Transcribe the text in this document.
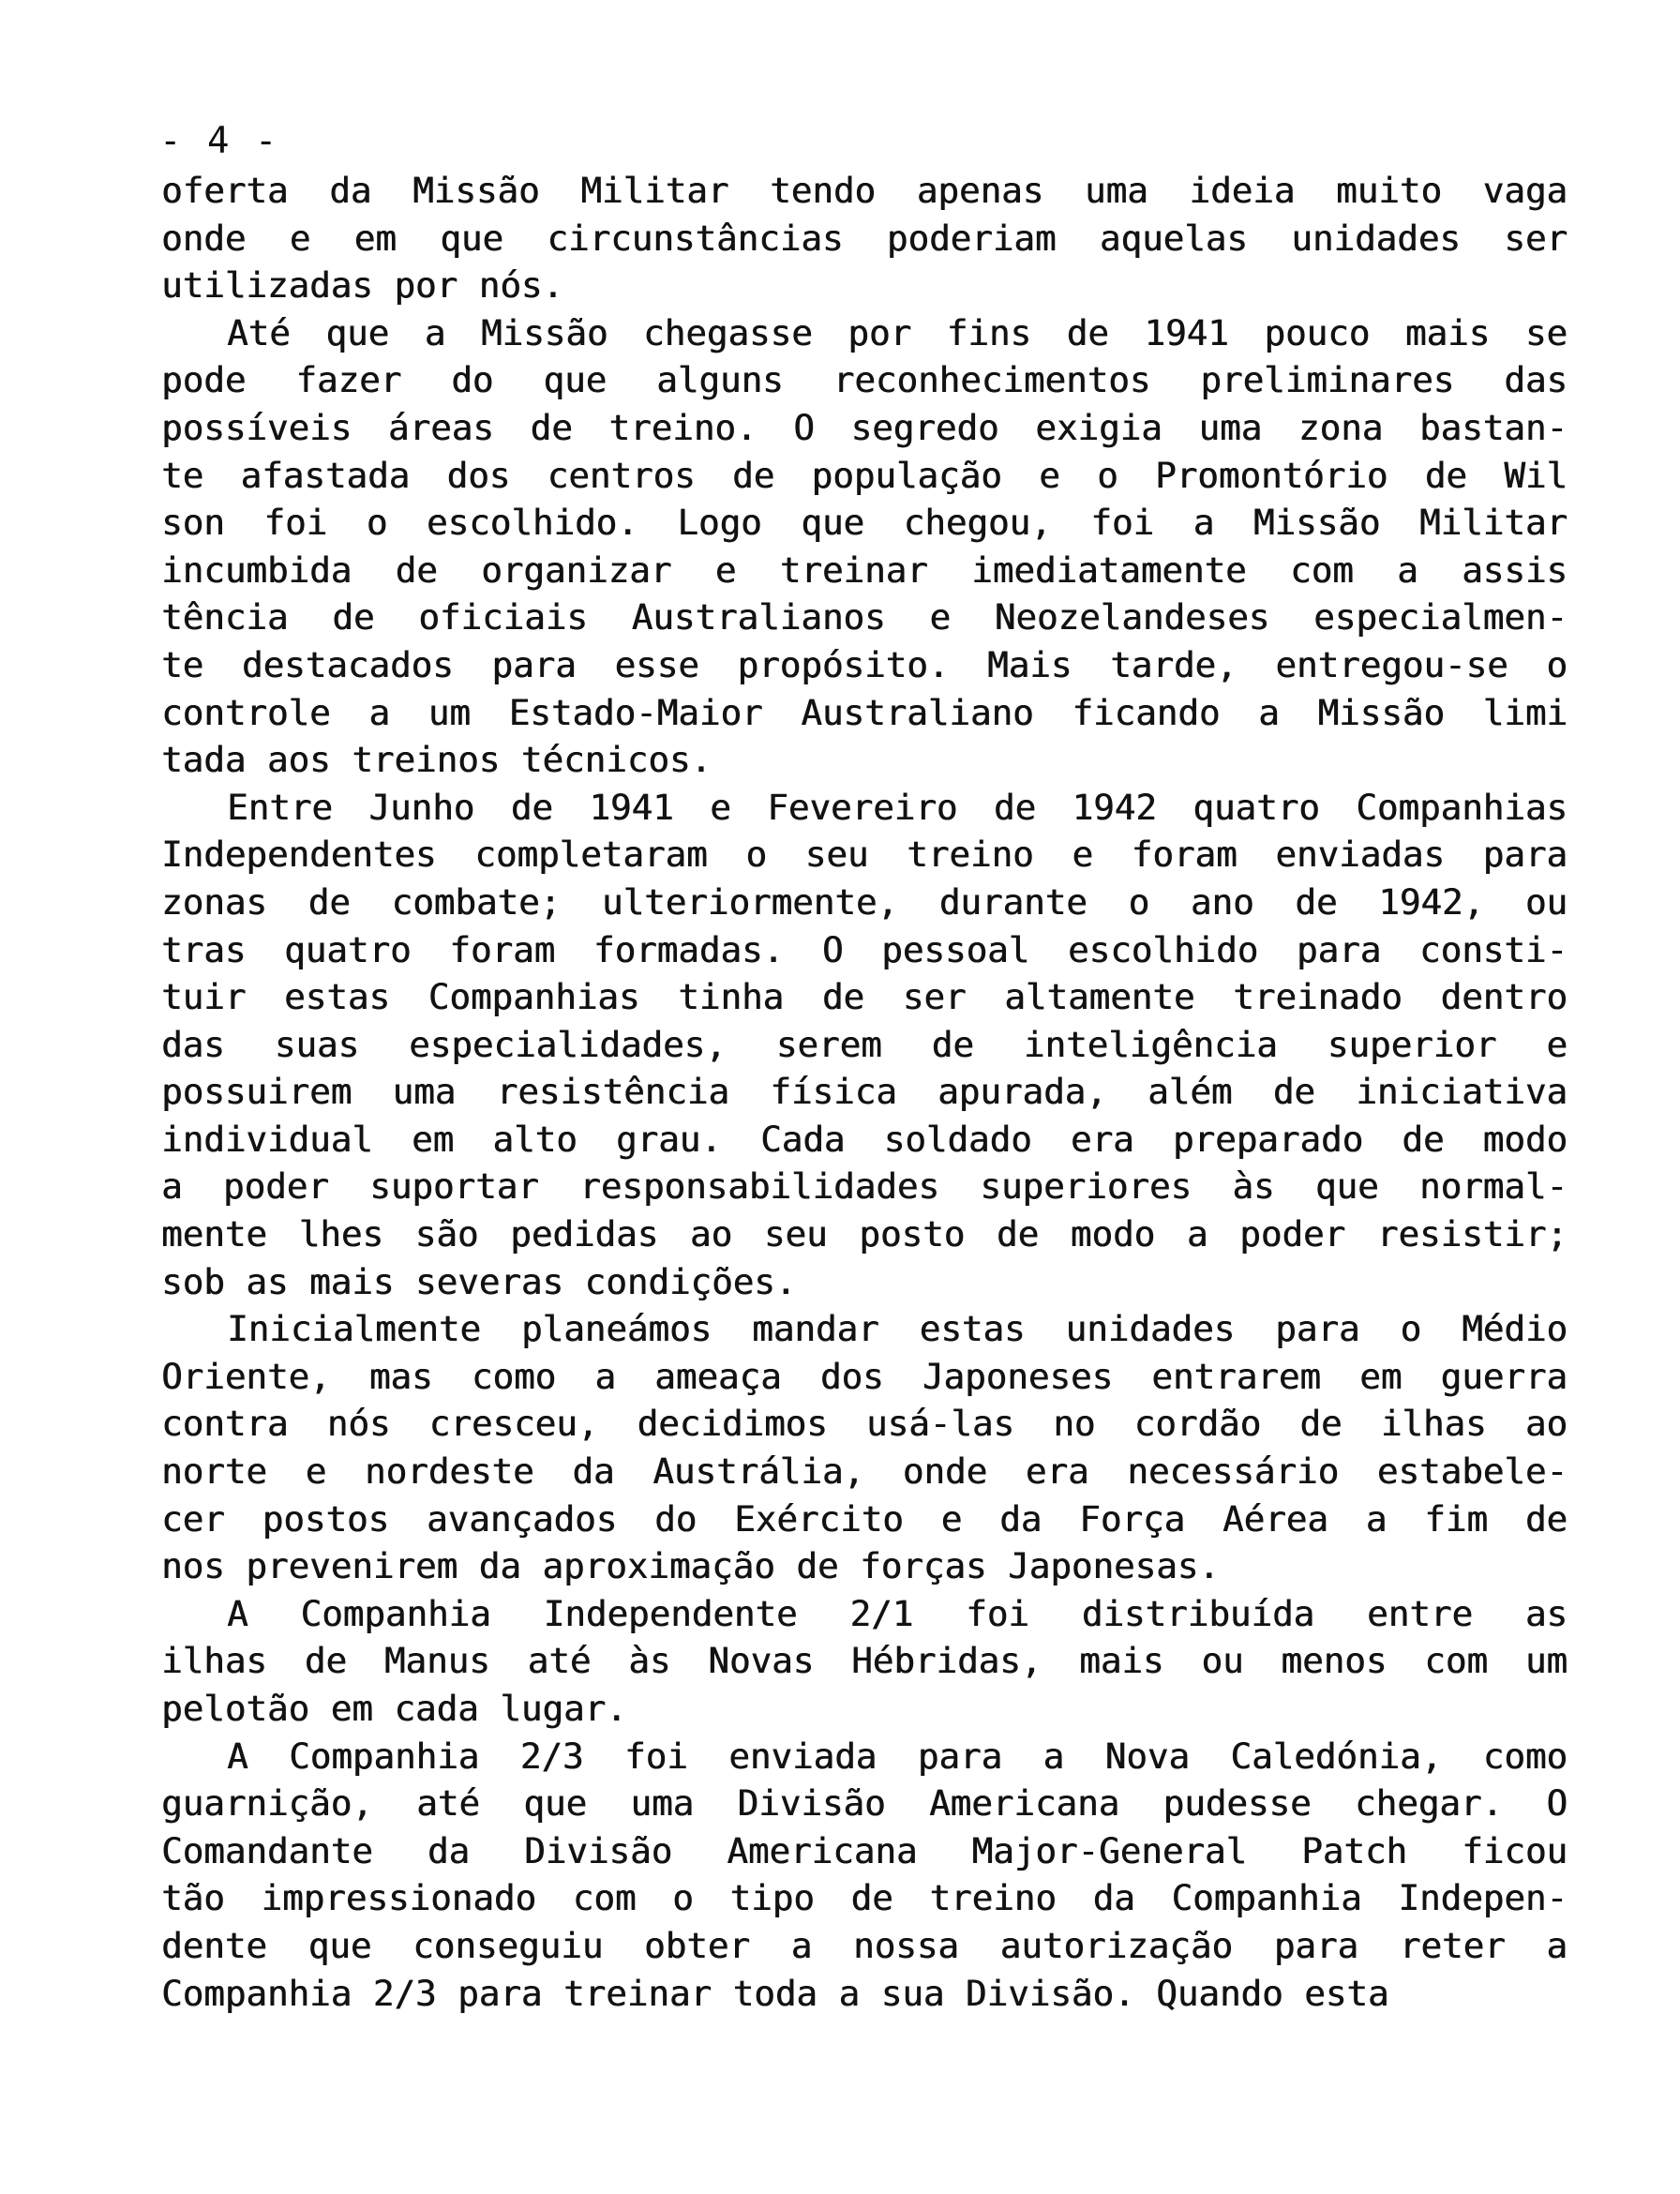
- 4 -
oferta da Missão Militar tendo apenas uma ideia muito vaga
onde e em que circunstâncias poderiam aquelas unidades ser
utilizadas por nós.
Até que a Missão chegasse por fins de 1941 pouco mais se
pode fazer do que alguns reconhecimentos preliminares das
possíveis áreas de treino. O segredo exigia uma zona bastan-
te afastada dos centros de população e o Promontório de Wil
son foi o escolhido. Logo que chegou, foi a Missão Militar
incumbida de organizar e treinar imediatamente com a assis
tência de oficiais Australianos e Neozelandeses especialmen-
te destacados para esse propósito. Mais tarde, entregou-se o
controle a um Estado-Maior Australiano ficando a Missão limi
tada aos treinos técnicos.
Entre Junho de 1941 e Fevereiro de 1942 quatro Companhias
Independentes completaram o seu treino e foram enviadas para
zonas de combate; ulteriormente, durante o ano de 1942, ou
tras quatro foram formadas. O pessoal escolhido para consti-
tuir estas Companhias tinha de ser altamente treinado dentro
das suas especialidades, serem de inteligência superior e
possuirem uma resistência física apurada, além de iniciativa
individual em alto grau. Cada soldado era preparado de modo
a poder suportar responsabilidades superiores às que normal-
mente lhes são pedidas ao seu posto de modo a poder resistir;
sob as mais severas condições.
Inicialmente planeámos mandar estas unidades para o Médio
Oriente, mas como a ameaça dos Japoneses entrarem em guerra
contra nós cresceu, decidimos usá-las no cordão de ilhas ao
norte e nordeste da Austrália, onde era necessário estabele-
cer postos avançados do Exército e da Força Aérea a fim de
nos prevenirem da aproximação de forças Japonesas.
A Companhia Independente 2/1 foi distribuída entre as
ilhas de Manus até às Novas Hébridas, mais ou menos com um
pelotão em cada lugar.
A Companhia 2/3 foi enviada para a Nova Caledónia, como
guarnição, até que uma Divisão Americana pudesse chegar. O
Comandante da Divisão Americana Major-General Patch ficou
tão impressionado com o tipo de treino da Companhia Indepen-
dente que conseguiu obter a nossa autorização para reter a
Companhia 2/3 para treinar toda a sua Divisão. Quando esta
